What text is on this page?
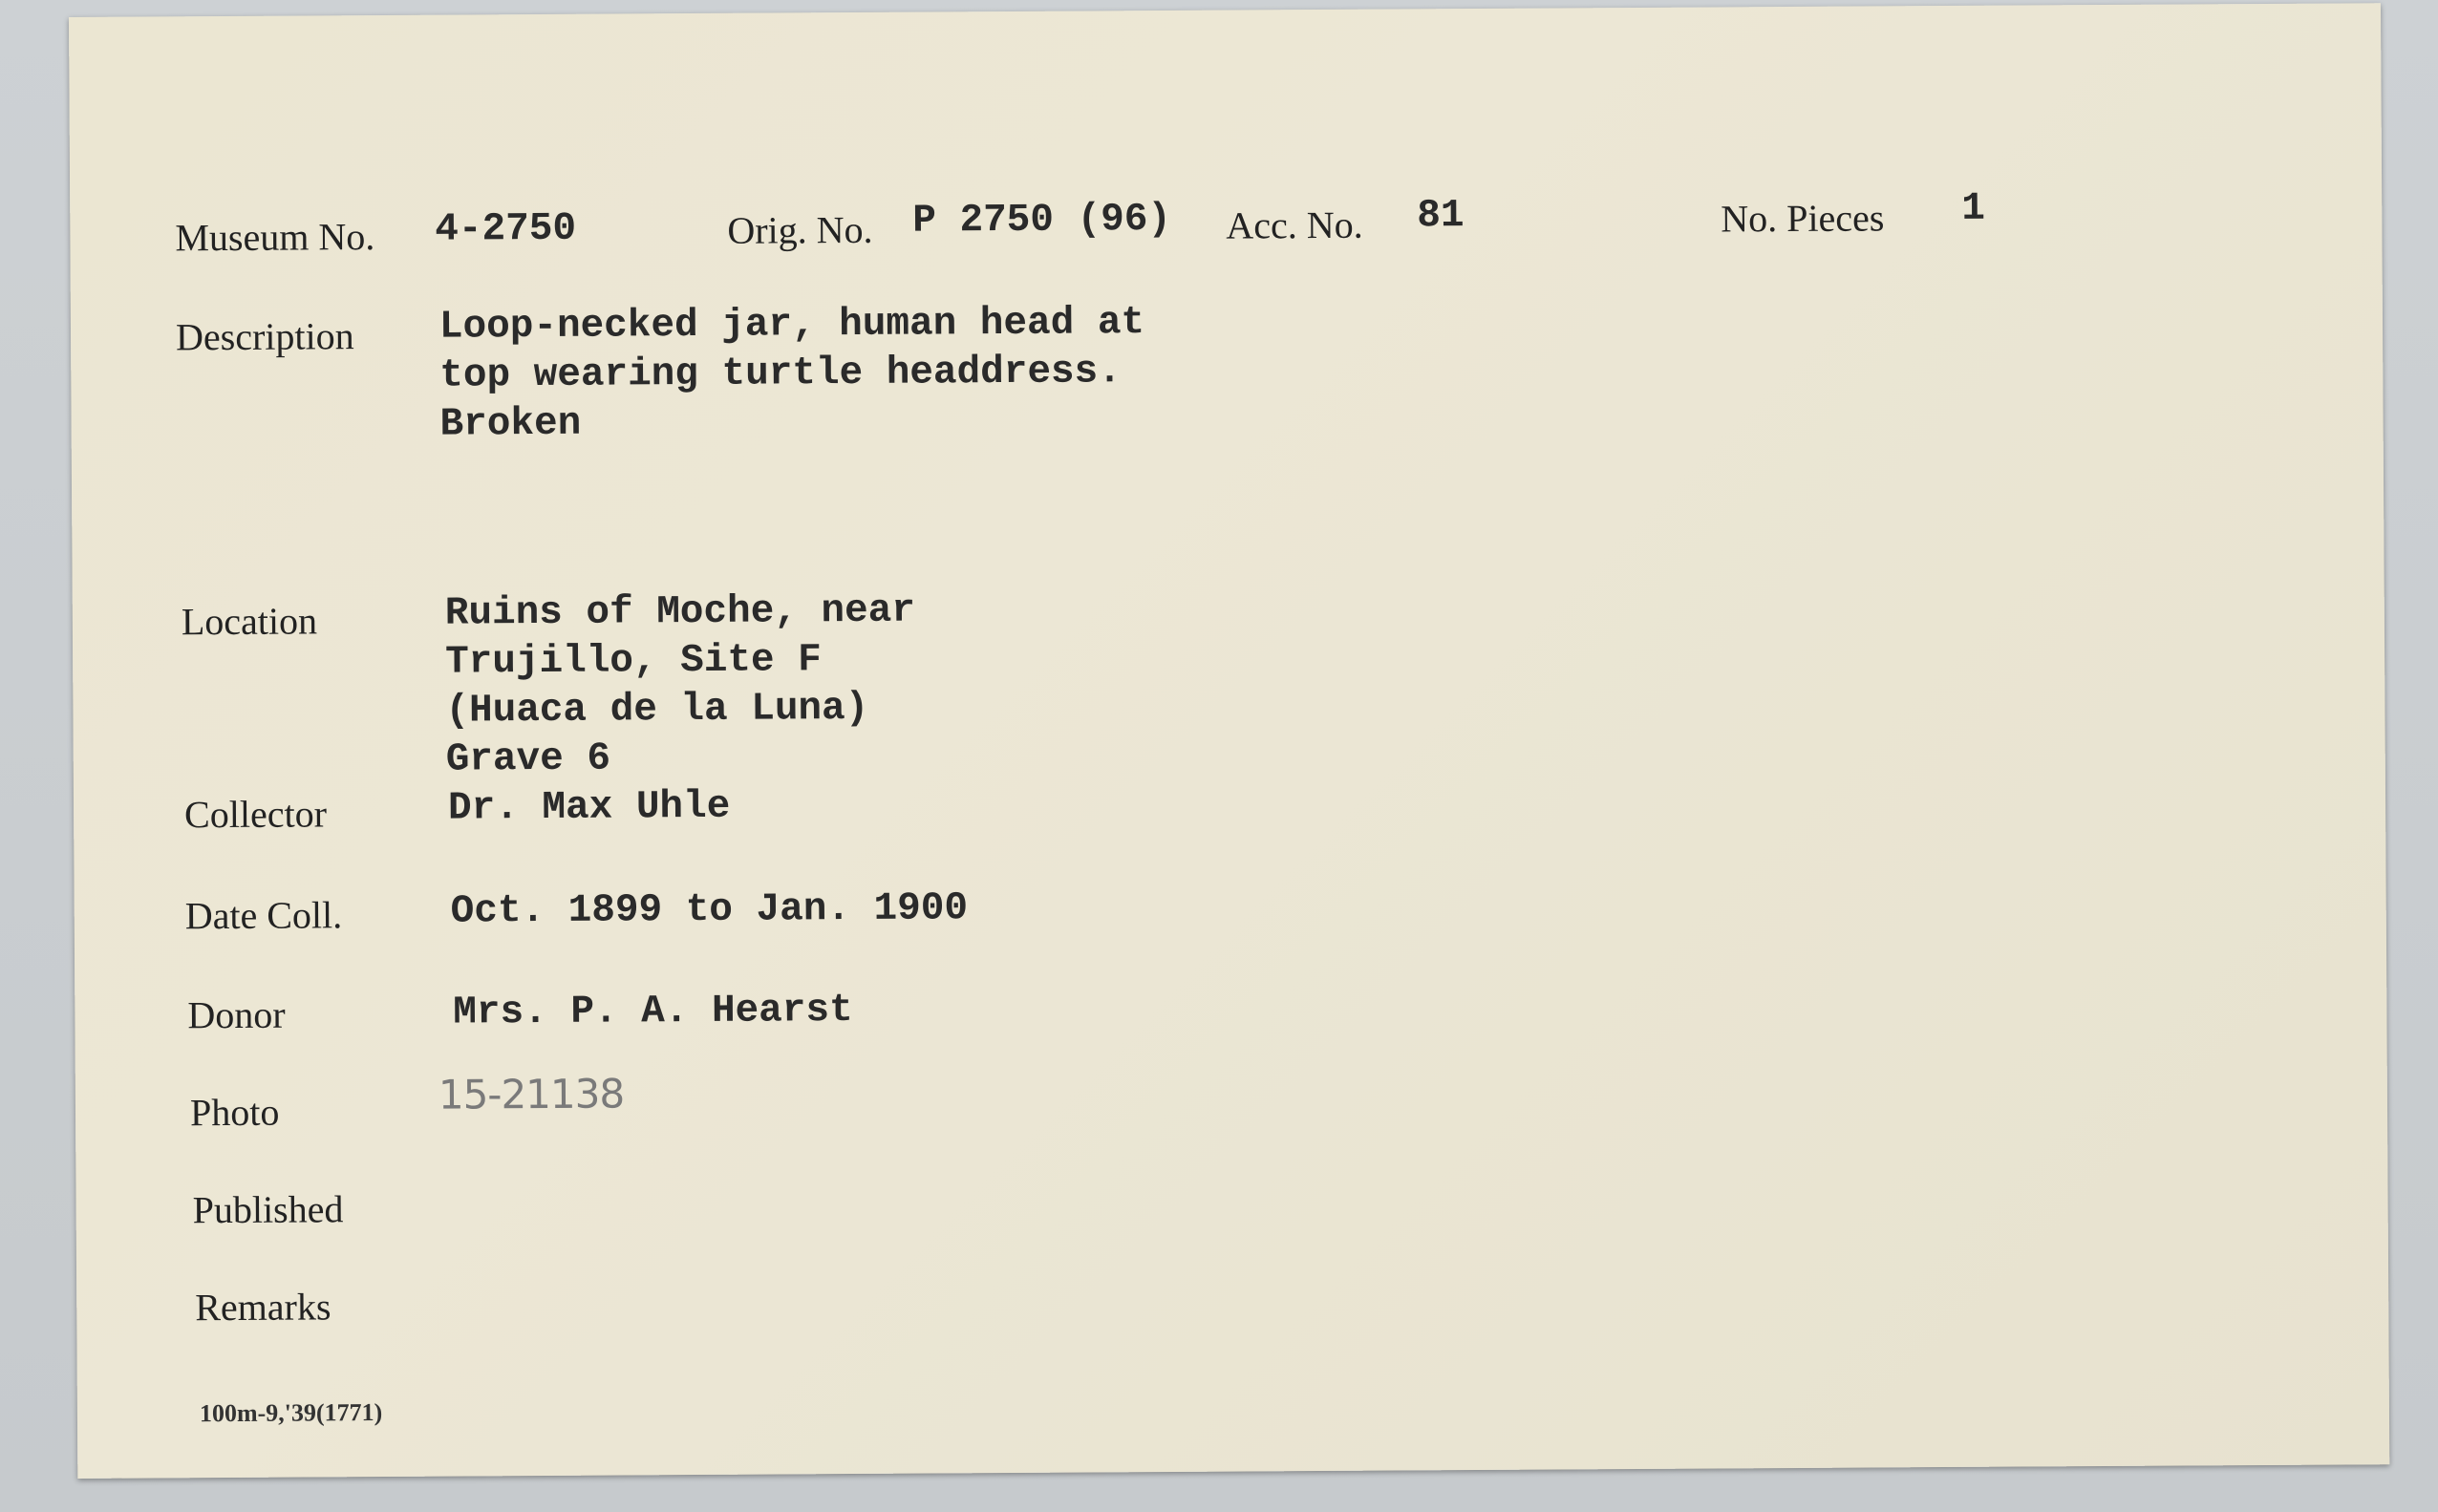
Museum No. 4-2750	Orig. No. P 2750 (96) Acc. No. 81	No. Pieces 1
Description Loop-necked jar, human head at
top wearing turtle headdress.
Broken
Location	Ruins of Moche, near
Trujillo, Site F
(Huaca de la Luna)
Grave 6
Collector	Dr. Max Uhle
Date Coll.	Oct. 1899 to Jan. 1900
Donor	Mrs. P. A. Hearst
Photo	15-21138
Published
Remarks
100m-9,'39(1771)
